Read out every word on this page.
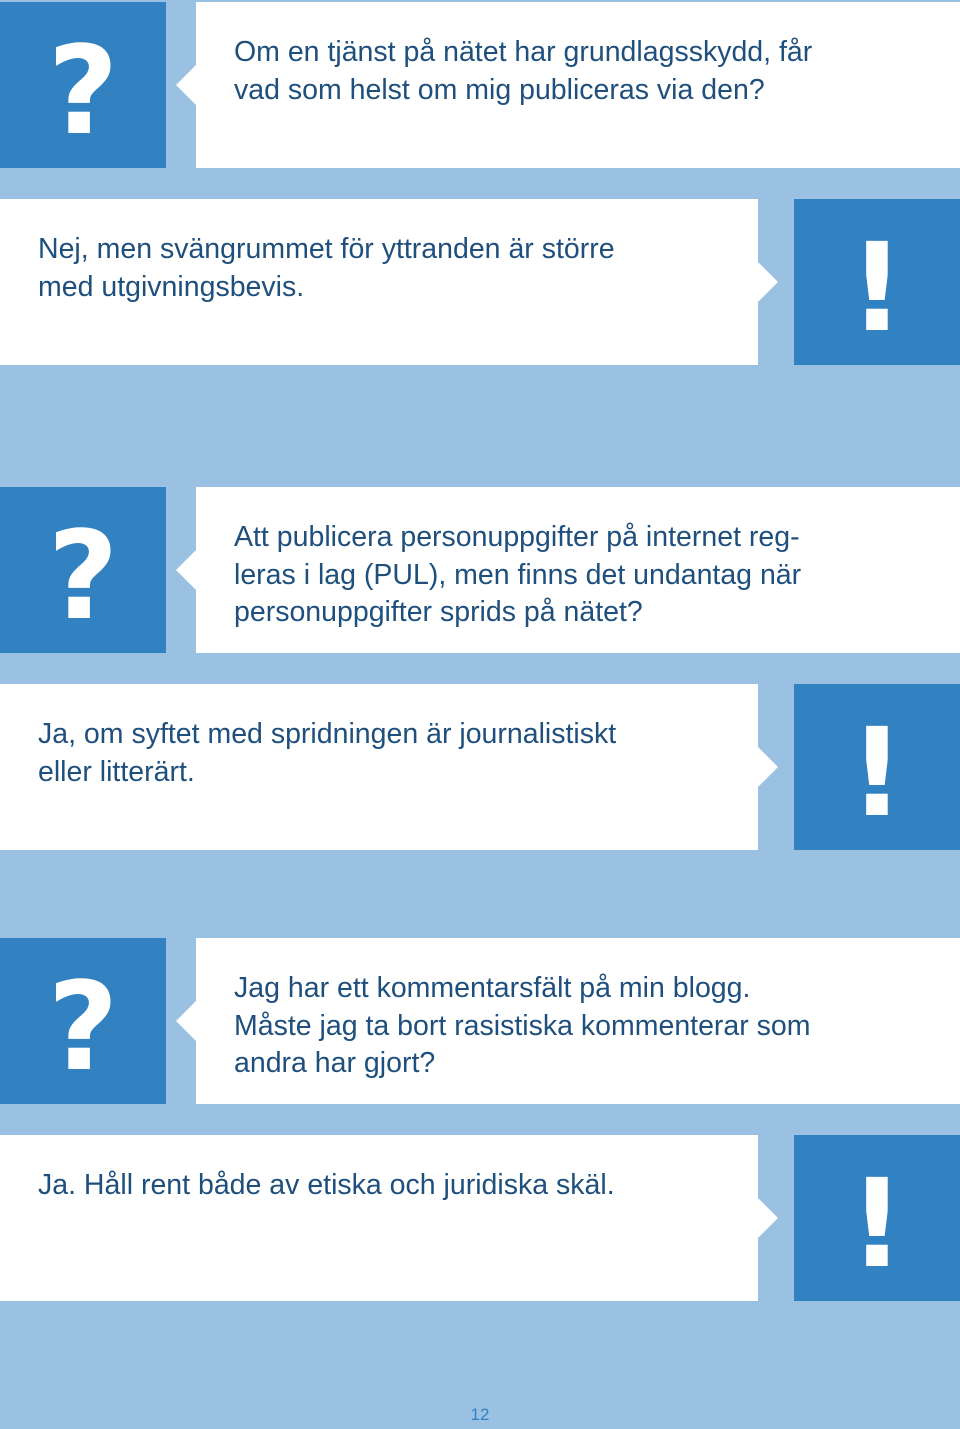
?	Om en tjänst på nätet har grundlagsskydd, får
vad som helst om mig publiceras via den?

Nej, men svängrummet för yttranden är större
med utgivningsbevis.	!
?	Att publicera personuppgifter på internet reg-
leras i lag (PUL), men finns det undantag när
personuppgifter sprids på nätet?

Ja, om syftet med spridningen är journalistiskt
eller litterärt.	!
?	Jag har ett kommentarsfält på min blogg.
Måste jag ta bort rasistiska kommenterar som
andra har gjort?

Ja. Håll rent både av etiska och juridiska skäl.	!
12
